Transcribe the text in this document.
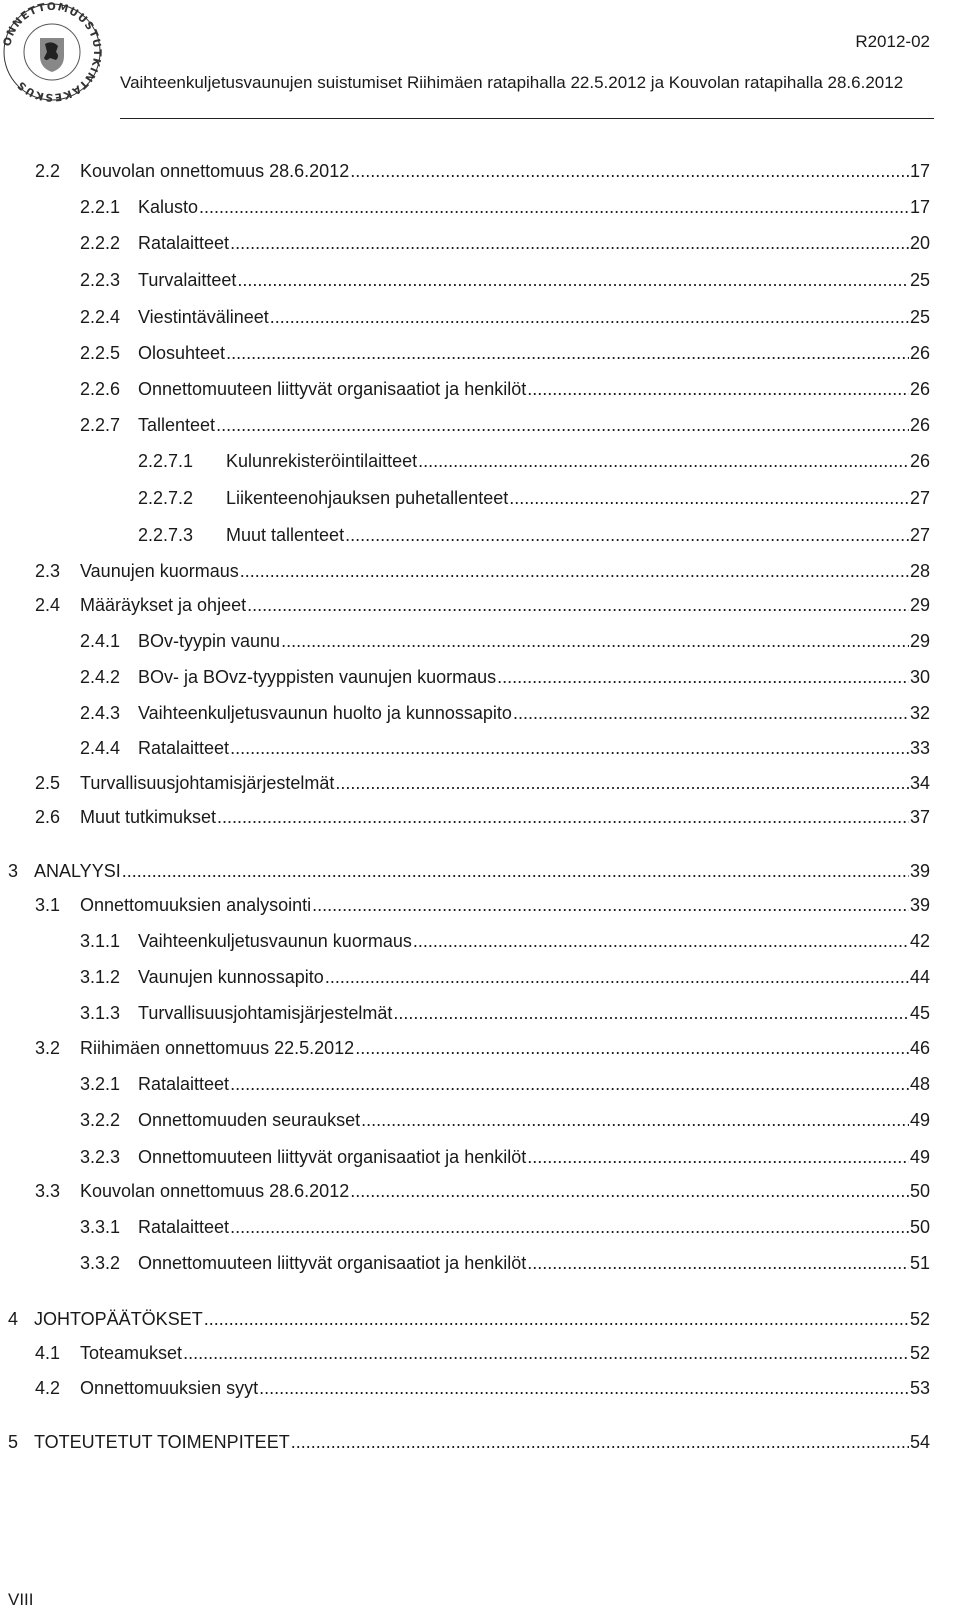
ONNETTOMUUSTUTKINTAKESKUS
R2012-02
Vaihteenkuljetusvaunujen suistumiset Riihimäen ratapihalla 22.5.2012 ja Kouvolan ratapihalla 28.6.2012
2.2	Kouvolan onnettomuus 28.6.2012 .....	17
2.2.1 Kalusto .....	17
2.2.2 Ratalaitteet .....	20
2.2.3 Turvalaitteet .....	25
2.2.4 Viestintävälineet .....	25
2.2.5 Olosuhteet .....	26
2.2.6 Onnettomuuteen liittyvät organisaatiot ja henkilöt .....	26
2.2.7 Tallenteet .....	26
2.2.7.1	Kulunrekisteröintilaitteet .....	26
2.2.7.2	Liikenteenohjauksen puhetallenteet .....	27
2.2.7.3	Muut tallenteet .....	27
2.3	Vaunujen kuormaus .....	28
2.4	Määräykset ja ohjeet .....	29
2.4.1 BOv-tyypin vaunu .....	29
2.4.2 BOv- ja BOvz-tyyppisten vaunujen kuormaus .....	30
2.4.3 Vaihteenkuljetusvaunun huolto ja kunnossapito .....	32
2.4.4 Ratalaitteet .....	33
2.5	Turvallisuusjohtamisjärjestelmät .....	34
2.6	Muut tutkimukset .....	37
3 ANALYYSI .....	39
3.1	Onnettomuuksien analysointi .....	39
3.1.1 Vaihteenkuljetusvaunun kuormaus .....	42
3.1.2 Vaunujen kunnossapito .....	44
3.1.3 Turvallisuusjohtamisjärjestelmät .....	45
3.2	Riihimäen onnettomuus 22.5.2012 .....	46
3.2.1 Ratalaitteet .....	48
3.2.2 Onnettomuuden seuraukset .....	49
3.2.3 Onnettomuuteen liittyvät organisaatiot ja henkilöt .....	49
3.3	Kouvolan onnettomuus 28.6.2012 .....	50
3.3.1 Ratalaitteet .....	50
3.3.2 Onnettomuuteen liittyvät organisaatiot ja henkilöt .....	51
4 JOHTOPÄÄTÖKSET .....	52
4.1	Toteamukset .....	52
4.2	Onnettomuuksien syyt .....	53
5 TOTEUTETUT TOIMENPITEET .....	54
VIII
